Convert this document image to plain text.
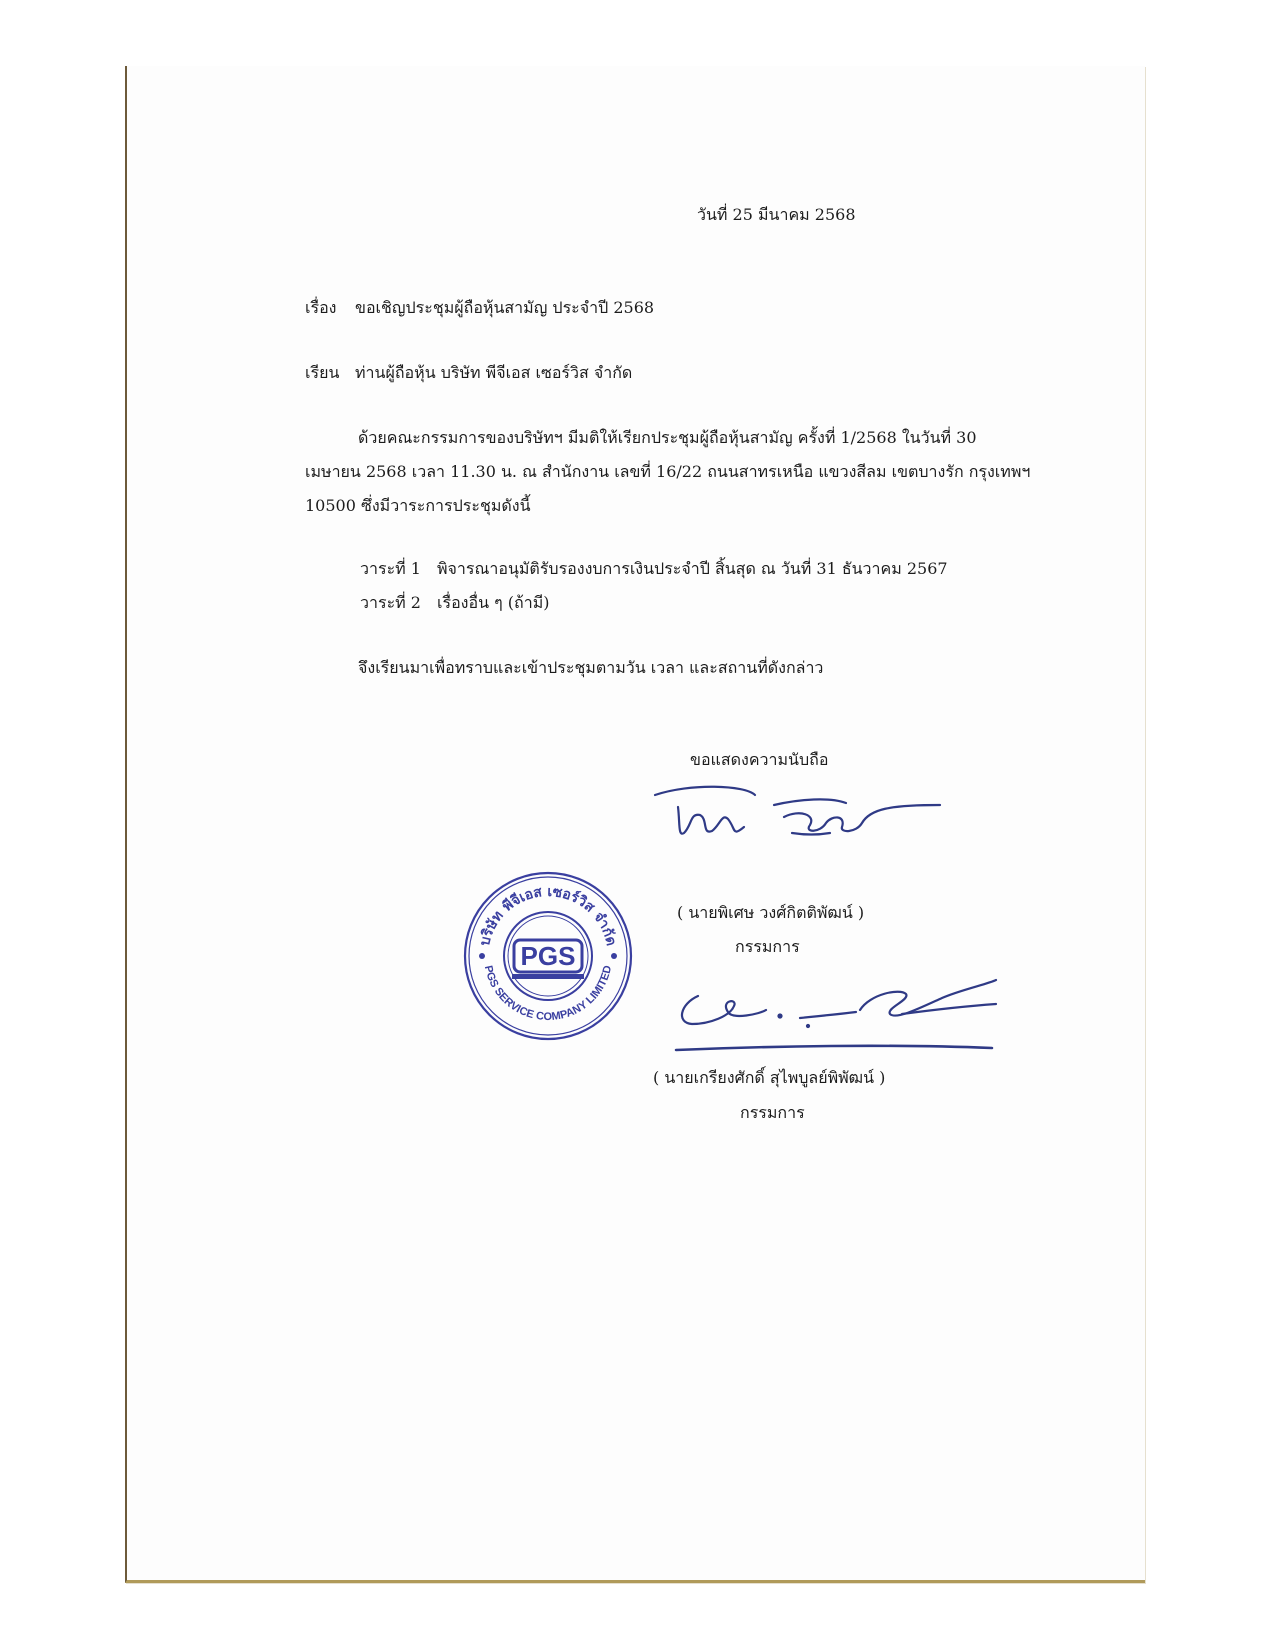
วันที่ 25 มีนาคม 2568
เรื่อง ขอเชิญประชุมผู้ถือหุ้นสามัญ ประจำปี 2568
เรียน ท่านผู้ถือหุ้น บริษัท พีจีเอส เซอร์วิส จำกัด
ด้วยคณะกรรมการของบริษัทฯ มีมติให้เรียกประชุมผู้ถือหุ้นสามัญ ครั้งที่ 1/2568 ในวันที่ 30
เมษายน 2568 เวลา 11.30 น. ณ สำนักงาน เลขที่ 16/22 ถนนสาทรเหนือ แขวงสีลม เขตบางรัก กรุงเทพฯ
10500 ซึ่งมีวาระการประชุมดังนี้
วาระที่ 1 พิจารณาอนุมัติรับรองงบการเงินประจำปี สิ้นสุด ณ วันที่ 31 ธันวาคม 2567
วาระที่ 2 เรื่องอื่น ๆ (ถ้ามี)
จึงเรียนมาเพื่อทราบและเข้าประชุมตามวัน เวลา และสถานที่ดังกล่าว
ขอแสดงความนับถือ
( นายพิเศษ วงศ์กิตติพัฒน์ )
กรรมการ
( นายเกรียงศักดิ์ สุไพบูลย์พิพัฒน์ )
กรรมการ
PGS
บริษัท พีจีเอส เซอร์วิส จำกัด
PGS SERVICE COMPANY LIMITED
